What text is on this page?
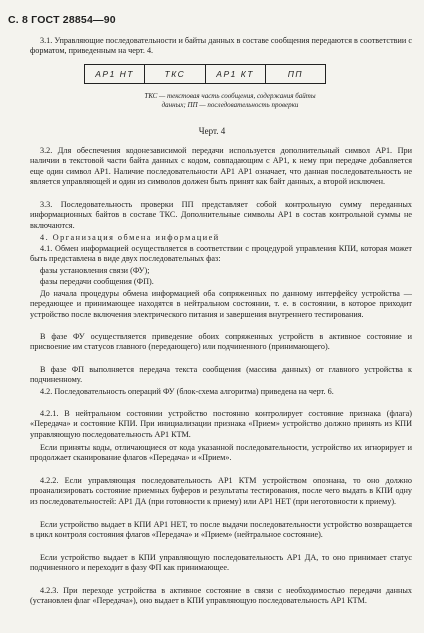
С. 8 ГОСТ 28854—90

3.1. Управляющие последовательности и байты данных в составе сообщения передаются в соответствии с форматом, приведенным на черт. 4.

АР1 НТ	ТКС	АР1 КТ	ПП
ТКС — текстовая часть сообщения, содержания байты
данных; ПП — последовательность проверки
Черт. 4

3.2. Для обеспечения кодонезависимой передачи используется дополнительный символ АР1. При наличии в текстовой части байта данных с кодом, совпадающим с АР1, к нему при передаче добавляется еще один символ АР1. Наличие последовательности АР1 АР1 означает, что данная последовательность не является управляющей и один из символов должен быть принят как байт данных, а второй исключен.

3.3. Последовательность проверки ПП представляет собой контрольную сумму переданных информационных байтов в составе ТКС. Дополнительные символы АР1 в состав контрольной суммы не включаются.

4. Организация обмена информацией

4.1. Обмен информацией осуществляется в соответствии с процедурой управления КПИ, которая может быть представлена в виде двух последовательных фаз:

фазы установления связи (ФУ);

фазы передачи сообщения (ФП).

До начала процедуры обмена информацией оба сопряженных по данному интерфейсу устройства — передающее и принимающее находятся в нейтральном состоянии, т. е. в состоянии, в которое приходит устройство после включения электрического питания и завершения внутреннего тестирования.

В фазе ФУ осуществляется приведение обоих сопряженных устройств в активное состояние и присвоение им статусов главного (передающего) или подчиненного (принимающего).

В фазе ФП выполняется передача текста сообщения (массива данных) от главного устройства к подчиненному.

4.2. Последовательность операций ФУ (блок-схема алгоритма) приведена на черт. 6.

4.2.1. В нейтральном состоянии устройство постоянно контролирует состояние признака (флага) «Передача» и состояние КПИ. При инициализации признака «Прием» устройство должно принять из КПИ управляющую последовательность АР1 КТМ.

Если приняты коды, отличающиеся от кода указанной последовательности, устройство их игнорирует и продолжает сканирование флагов «Передача» и «Прием».

4.2.2. Если управляющая последовательность АР1 КТМ устройством опознана, то оно должно проанализировать состояние приемных буферов и результаты тестирования, после чего выдать в КПИ одну из последовательностей: АР1 ДА (при готовности к приему) или АР1 НЕТ (при неготовности к приему).

Если устройство выдает в КПИ АР1 НЕТ, то после выдачи последовательности устройство возвращается в цикл контроля состояния флагов «Передача» и «Прием» (нейтральное состояние).

Если устройство выдает в КПИ управляющую последовательность АР1 ДА, то оно принимает статус подчиненного и переходит в фазу ФП как принимающее.

4.2.3. При переходе устройства в активное состояние в связи с необходимостью передачи данных (установлен флаг «Передача»), оно выдает в КПИ управляющую последовательность АР1 КТМ.
